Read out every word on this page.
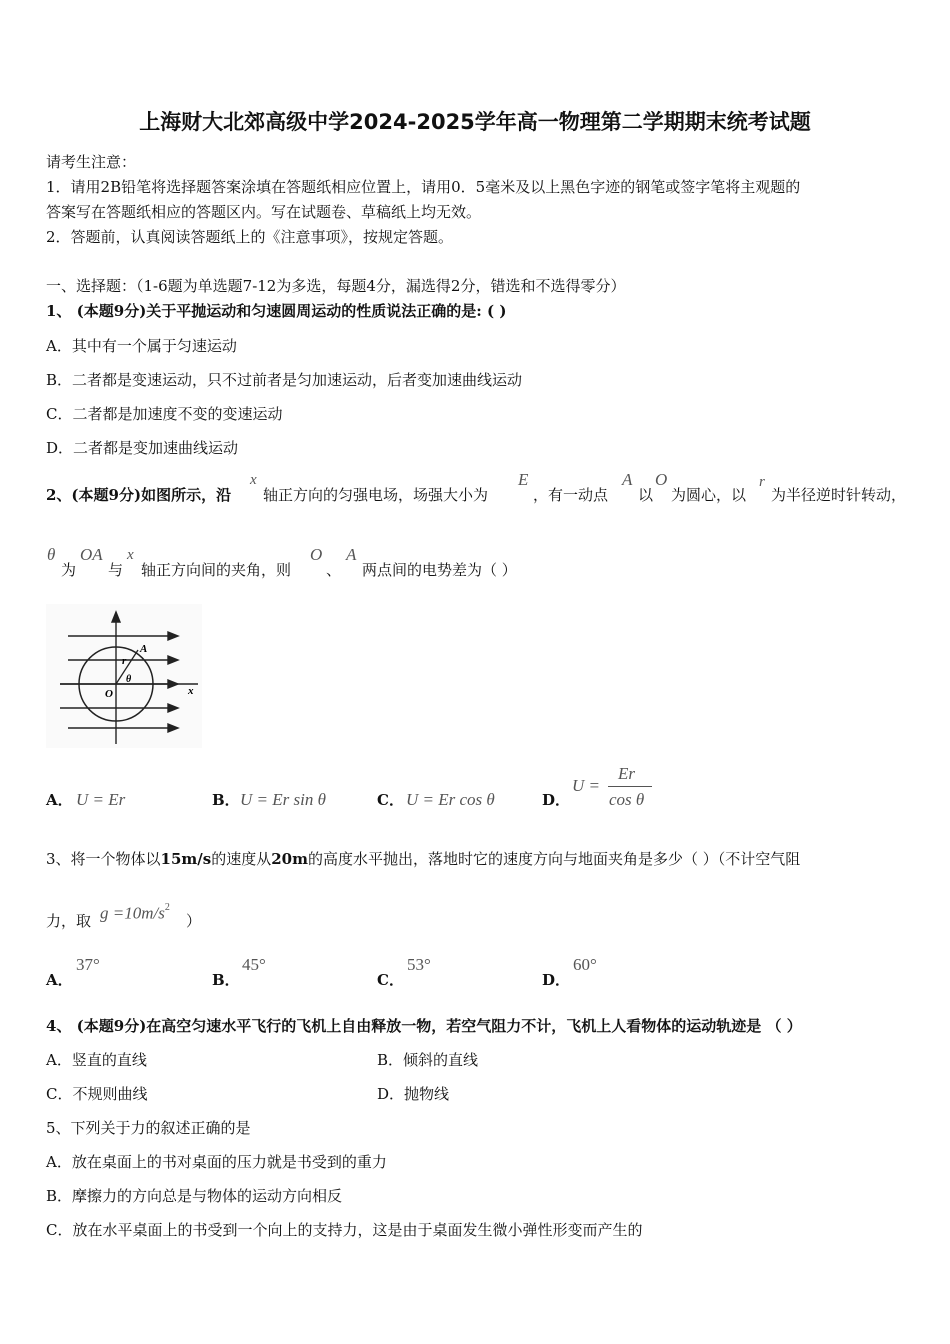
上海财大北郊高级中学2024-2025学年高一物理第二学期期末统考试题
请考生注意：
1．请用2B铅笔将选择题答案涂填在答题纸相应位置上，请用0．5毫米及以上黑色字迹的钢笔或签字笔将主观题的
答案写在答题纸相应的答题区内。写在试题卷、草稿纸上均无效。
2．答题前，认真阅读答题纸上的《注意事项》，按规定答题。
一、选择题：（1-6题为单选题7-12为多选，每题4分，漏选得2分，错选和不选得零分）
1、 (本题9分)关于平抛运动和匀速圆周运动的性质说法正确的是: ( )
A．其中有一个属于匀速运动
B．二者都是变速运动，只不过前者是匀加速运动，后者变加速曲线运动
C．二者都是加速度不变的变速运动
D．二者都是变加速曲线运动
2、(本题9分)如图所示，沿
x
轴正方向的匀强电场，场强大小为
E
，有一动点
A
以
O
为圆心，以
r
为半径逆时针转动，
θ
为
OA
与
x
轴正方向间的夹角，则
O
、
A
两点间的电势差为（ ）
A
r
θ
O	x
A． U = Er	B． U = Er sin θ	C． U = Er cos θ	D．
U =
Er
cos θ
3、将一个物体以15m/s的速度从20m的高度水平抛出，落地时它的速度方向与地面夹角是多少（ ）（不计空气阻
力，取 $g =10m/s^2$
）
A．
37°
B．
45°
C．
53°
D．
60°
4、 (本题9分)在高空匀速水平飞行的飞机上自由释放一物，若空气阻力不计，飞机上人看物体的运动轨迹是 （ ）
A．竖直的直线	B．倾斜的直线
C．不规则曲线	D．抛物线
5、下列关于力的叙述正确的是
A．放在桌面上的书对桌面的压力就是书受到的重力
B．摩擦力的方向总是与物体的运动方向相反
C．放在水平桌面上的书受到一个向上的支持力，这是由于桌面发生微小弹性形变而产生的
